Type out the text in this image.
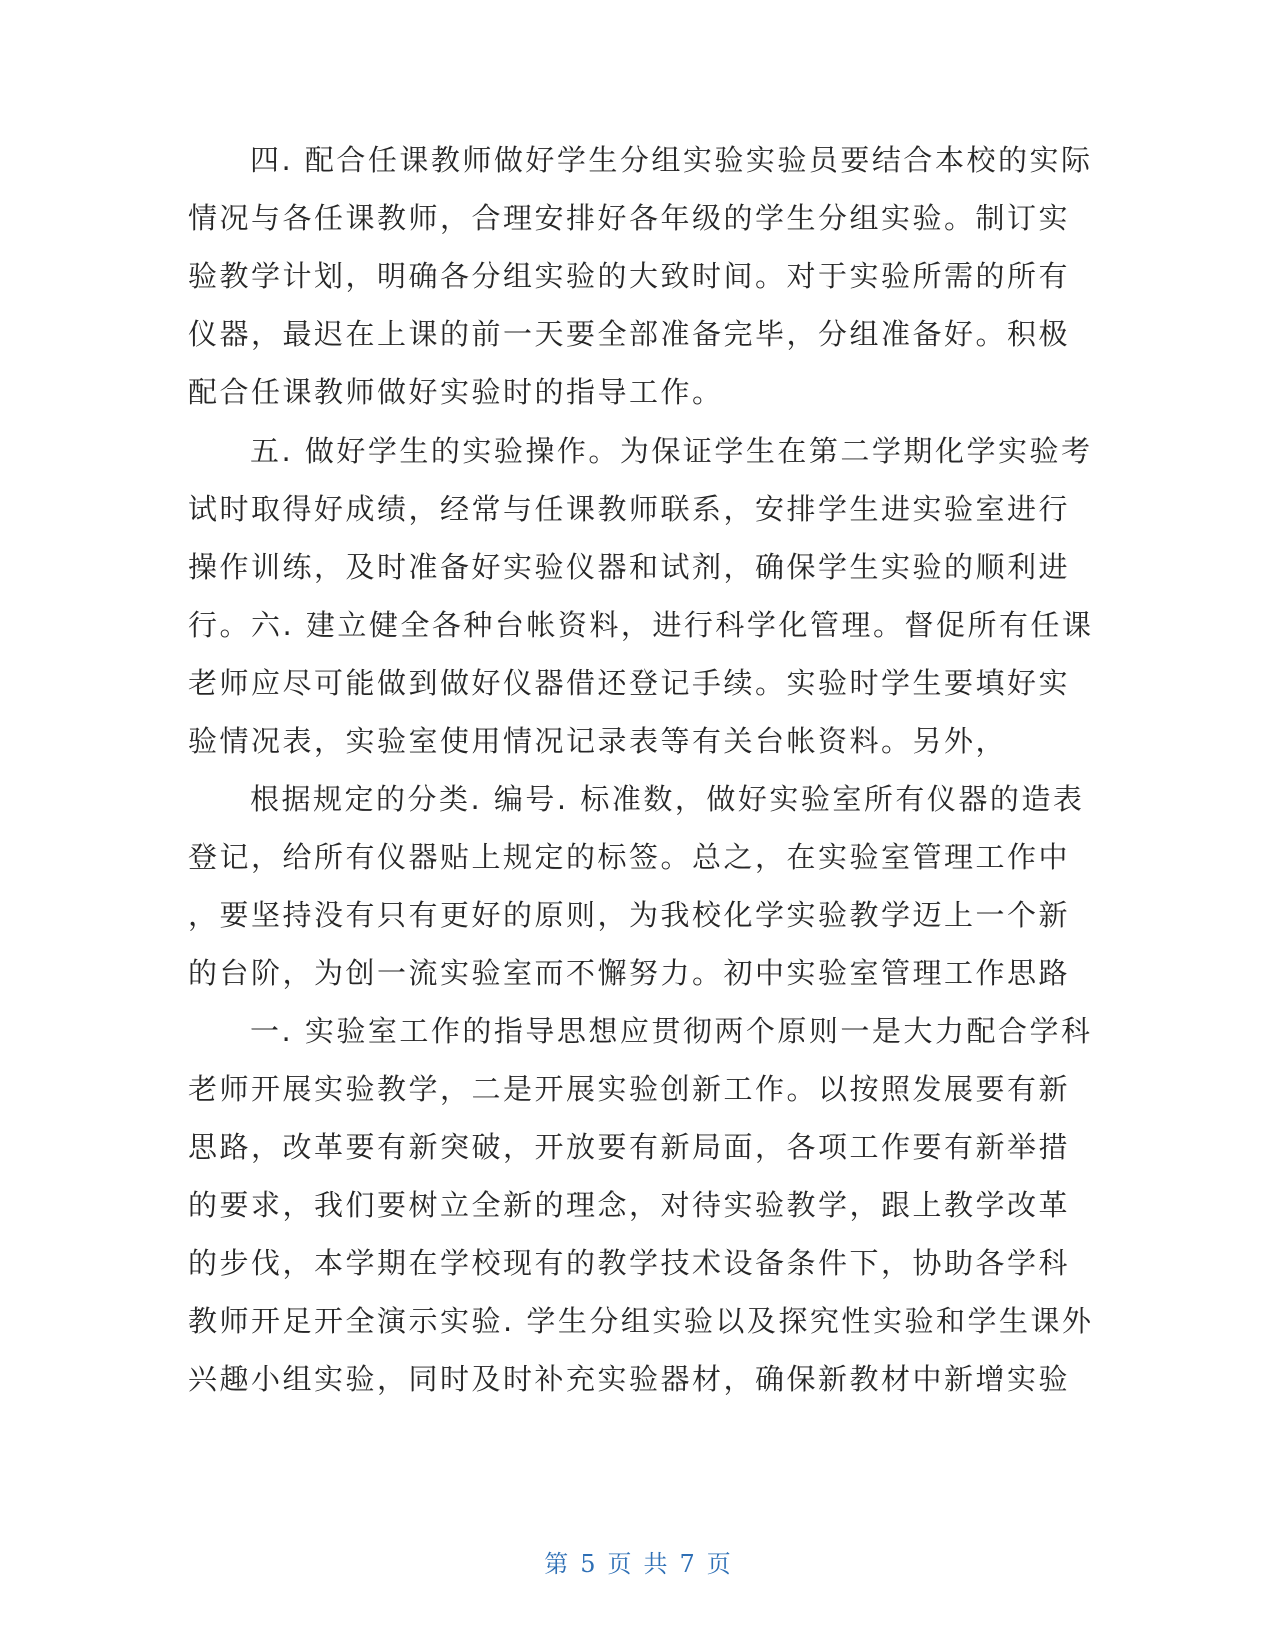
四. 配合任课教师做好学生分组实验实验员要结合本校的实际
情况与各任课教师，合理安排好各年级的学生分组实验。制订实
验教学计划，明确各分组实验的大致时间。对于实验所需的所有
仪器，最迟在上课的前一天要全部准备完毕，分组准备好。积极
配合任课教师做好实验时的指导工作。
五. 做好学生的实验操作。为保证学生在第二学期化学实验考
试时取得好成绩，经常与任课教师联系，安排学生进实验室进行
操作训练，及时准备好实验仪器和试剂，确保学生实验的顺利进
行。六. 建立健全各种台帐资料，进行科学化管理。督促所有任课
老师应尽可能做到做好仪器借还登记手续。实验时学生要填好实
验情况表，实验室使用情况记录表等有关台帐资料。另外，
根据规定的分类. 编号. 标准数，做好实验室所有仪器的造表
登记，给所有仪器贴上规定的标签。总之，在实验室管理工作中
，要坚持没有只有更好的原则，为我校化学实验教学迈上一个新
的台阶，为创一流实验室而不懈努力。初中实验室管理工作思路
一. 实验室工作的指导思想应贯彻两个原则一是大力配合学科
老师开展实验教学，二是开展实验创新工作。以按照发展要有新
思路，改革要有新突破，开放要有新局面，各项工作要有新举措
的要求，我们要树立全新的理念，对待实验教学，跟上教学改革
的步伐，本学期在学校现有的教学技术设备条件下，协助各学科
教师开足开全演示实验. 学生分组实验以及探究性实验和学生课外
兴趣小组实验，同时及时补充实验器材，确保新教材中新增实验
第 5 页 共 7 页
